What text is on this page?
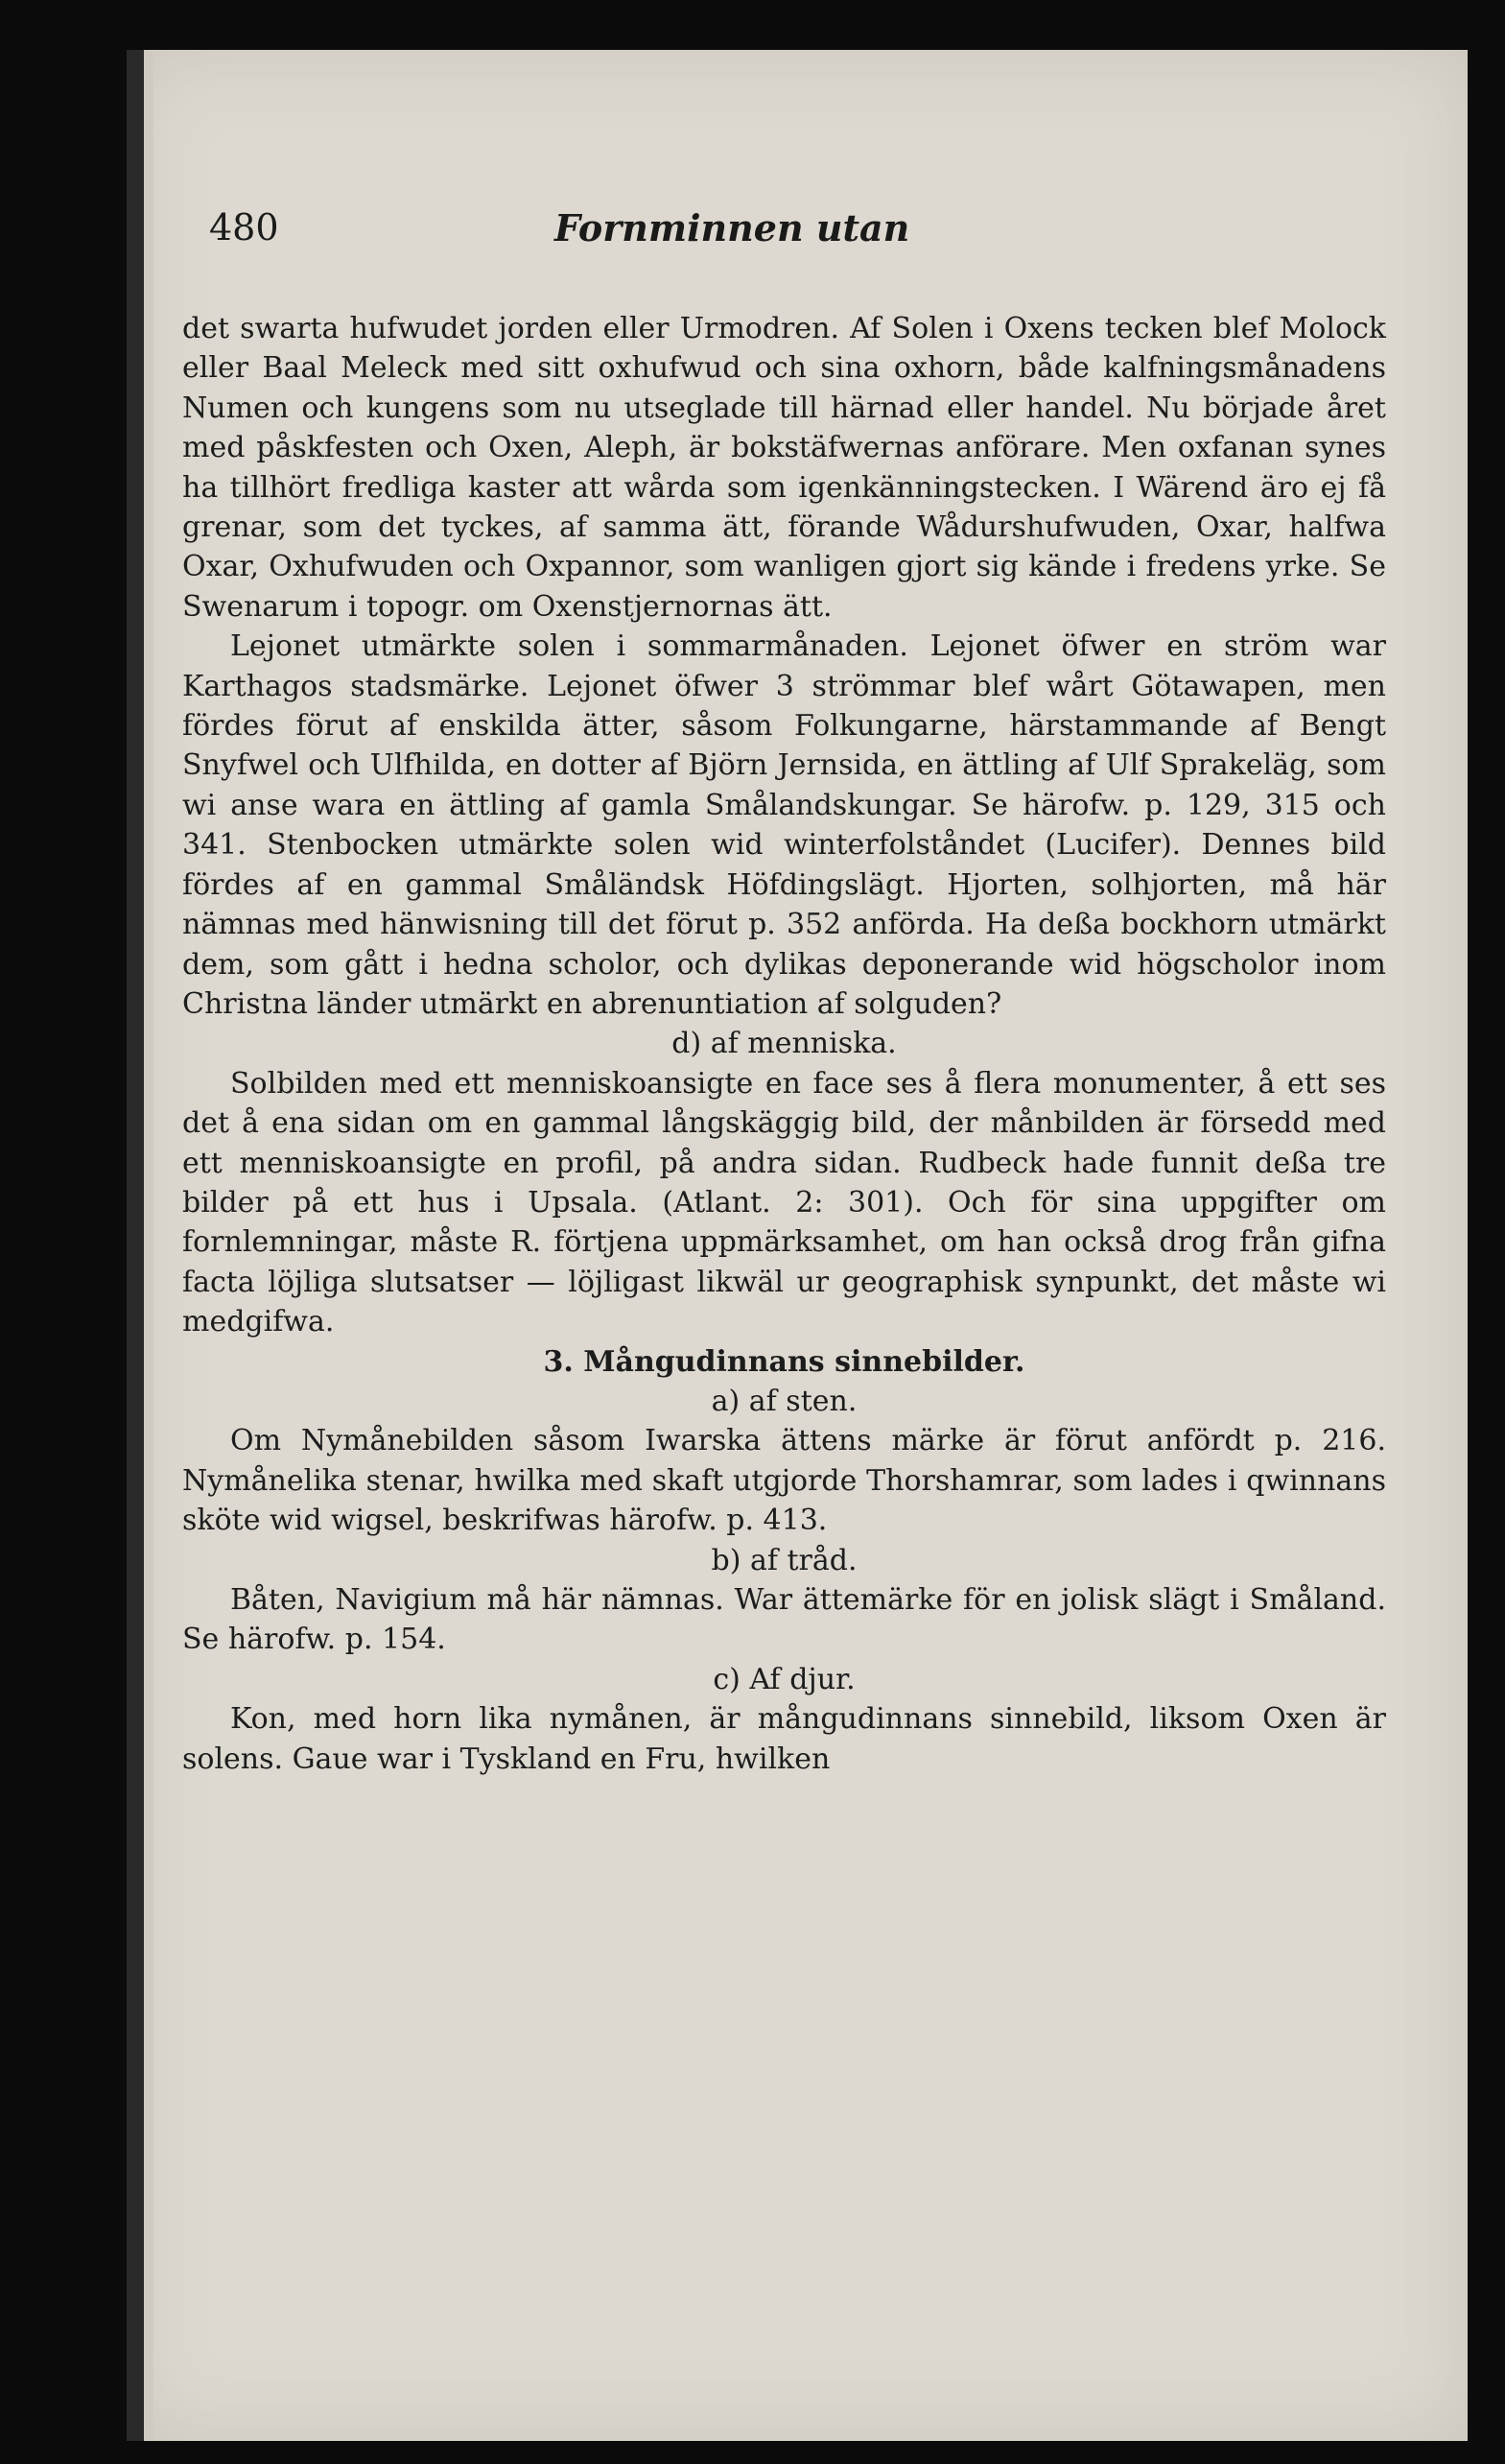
480	Fornminnen utan

det swarta hufwudet jorden eller Urmodren. Af Solen i Oxens tecken blef Molock eller Baal Meleck med sitt oxhufwud och sina oxhorn, både kalfningsmånadens Numen och kungens som nu utseglade till härnad eller handel. Nu började året med påskfesten och Oxen, Aleph, är bokstäfwernas anförare. Men oxfanan synes ha tillhört fredliga kaster att wårda som igenkänningstecken. I Wärend äro ej få grenar, som det tyckes, af samma ätt, förande Wådurshufwuden, Oxar, halfwa Oxar, Oxhufwuden och Oxpannor, som wanligen gjort sig kände i fredens yrke. Se Swenarum i topogr. om Oxenstjernornas ätt.

Lejonet utmärkte solen i sommarmånaden. Lejonet öfwer en ström war Karthagos stadsmärke. Lejonet öfwer 3 strömmar blef wårt Götawapen, men fördes förut af enskilda ätter, såsom Folkungarne, härstammande af Bengt Snyfwel och Ulfhilda, en dotter af Björn Jernsida, en ättling af Ulf Sprakeläg, som wi anse wara en ättling af gamla Smålandskungar. Se härofw. p. 129, 315 och 341. Stenbocken utmärkte solen wid winterfolståndet (Lucifer). Dennes bild fördes af en gammal Småländsk Höfdingslägt. Hjorten, solhjorten, må här nämnas med hänwisning till det förut p. 352 anförda. Ha deßa bockhorn utmärkt dem, som gått i hedna scholor, och dylikas deponerande wid högscholor inom Christna länder utmärkt en abrenuntiation af solguden?

d) af menniska.

Solbilden med ett menniskoansigte en face ses å flera monumenter, å ett ses det å ena sidan om en gammal långskäggig bild, der månbilden är försedd med ett menniskoansigte en profil, på andra sidan. Rudbeck hade funnit deßa tre bilder på ett hus i Upsala. (Atlant. 2: 301). Och för sina uppgifter om fornlemningar, måste R. förtjena uppmärksamhet, om han också drog från gifna facta löjliga slutsatser — löjligast likwäl ur geographisk synpunkt, det måste wi medgifwa.

3. Mångudinnans sinnebilder.

a) af sten.

Om Nymånebilden såsom Iwarska ättens märke är förut anfördt p. 216. Nymånelika stenar, hwilka med skaft utgjorde Thorshamrar, som lades i qwinnans sköte wid wigsel, beskrifwas härofw. p. 413.

b) af tråd.

Båten, Navigium må här nämnas. War ättemärke för en jolisk slägt i Småland. Se härofw. p. 154.

c) Af djur.

Kon, med horn lika nymånen, är mångudinnans sinnebild, liksom Oxen är solens. Gaue war i Tyskland en Fru, hwilken
